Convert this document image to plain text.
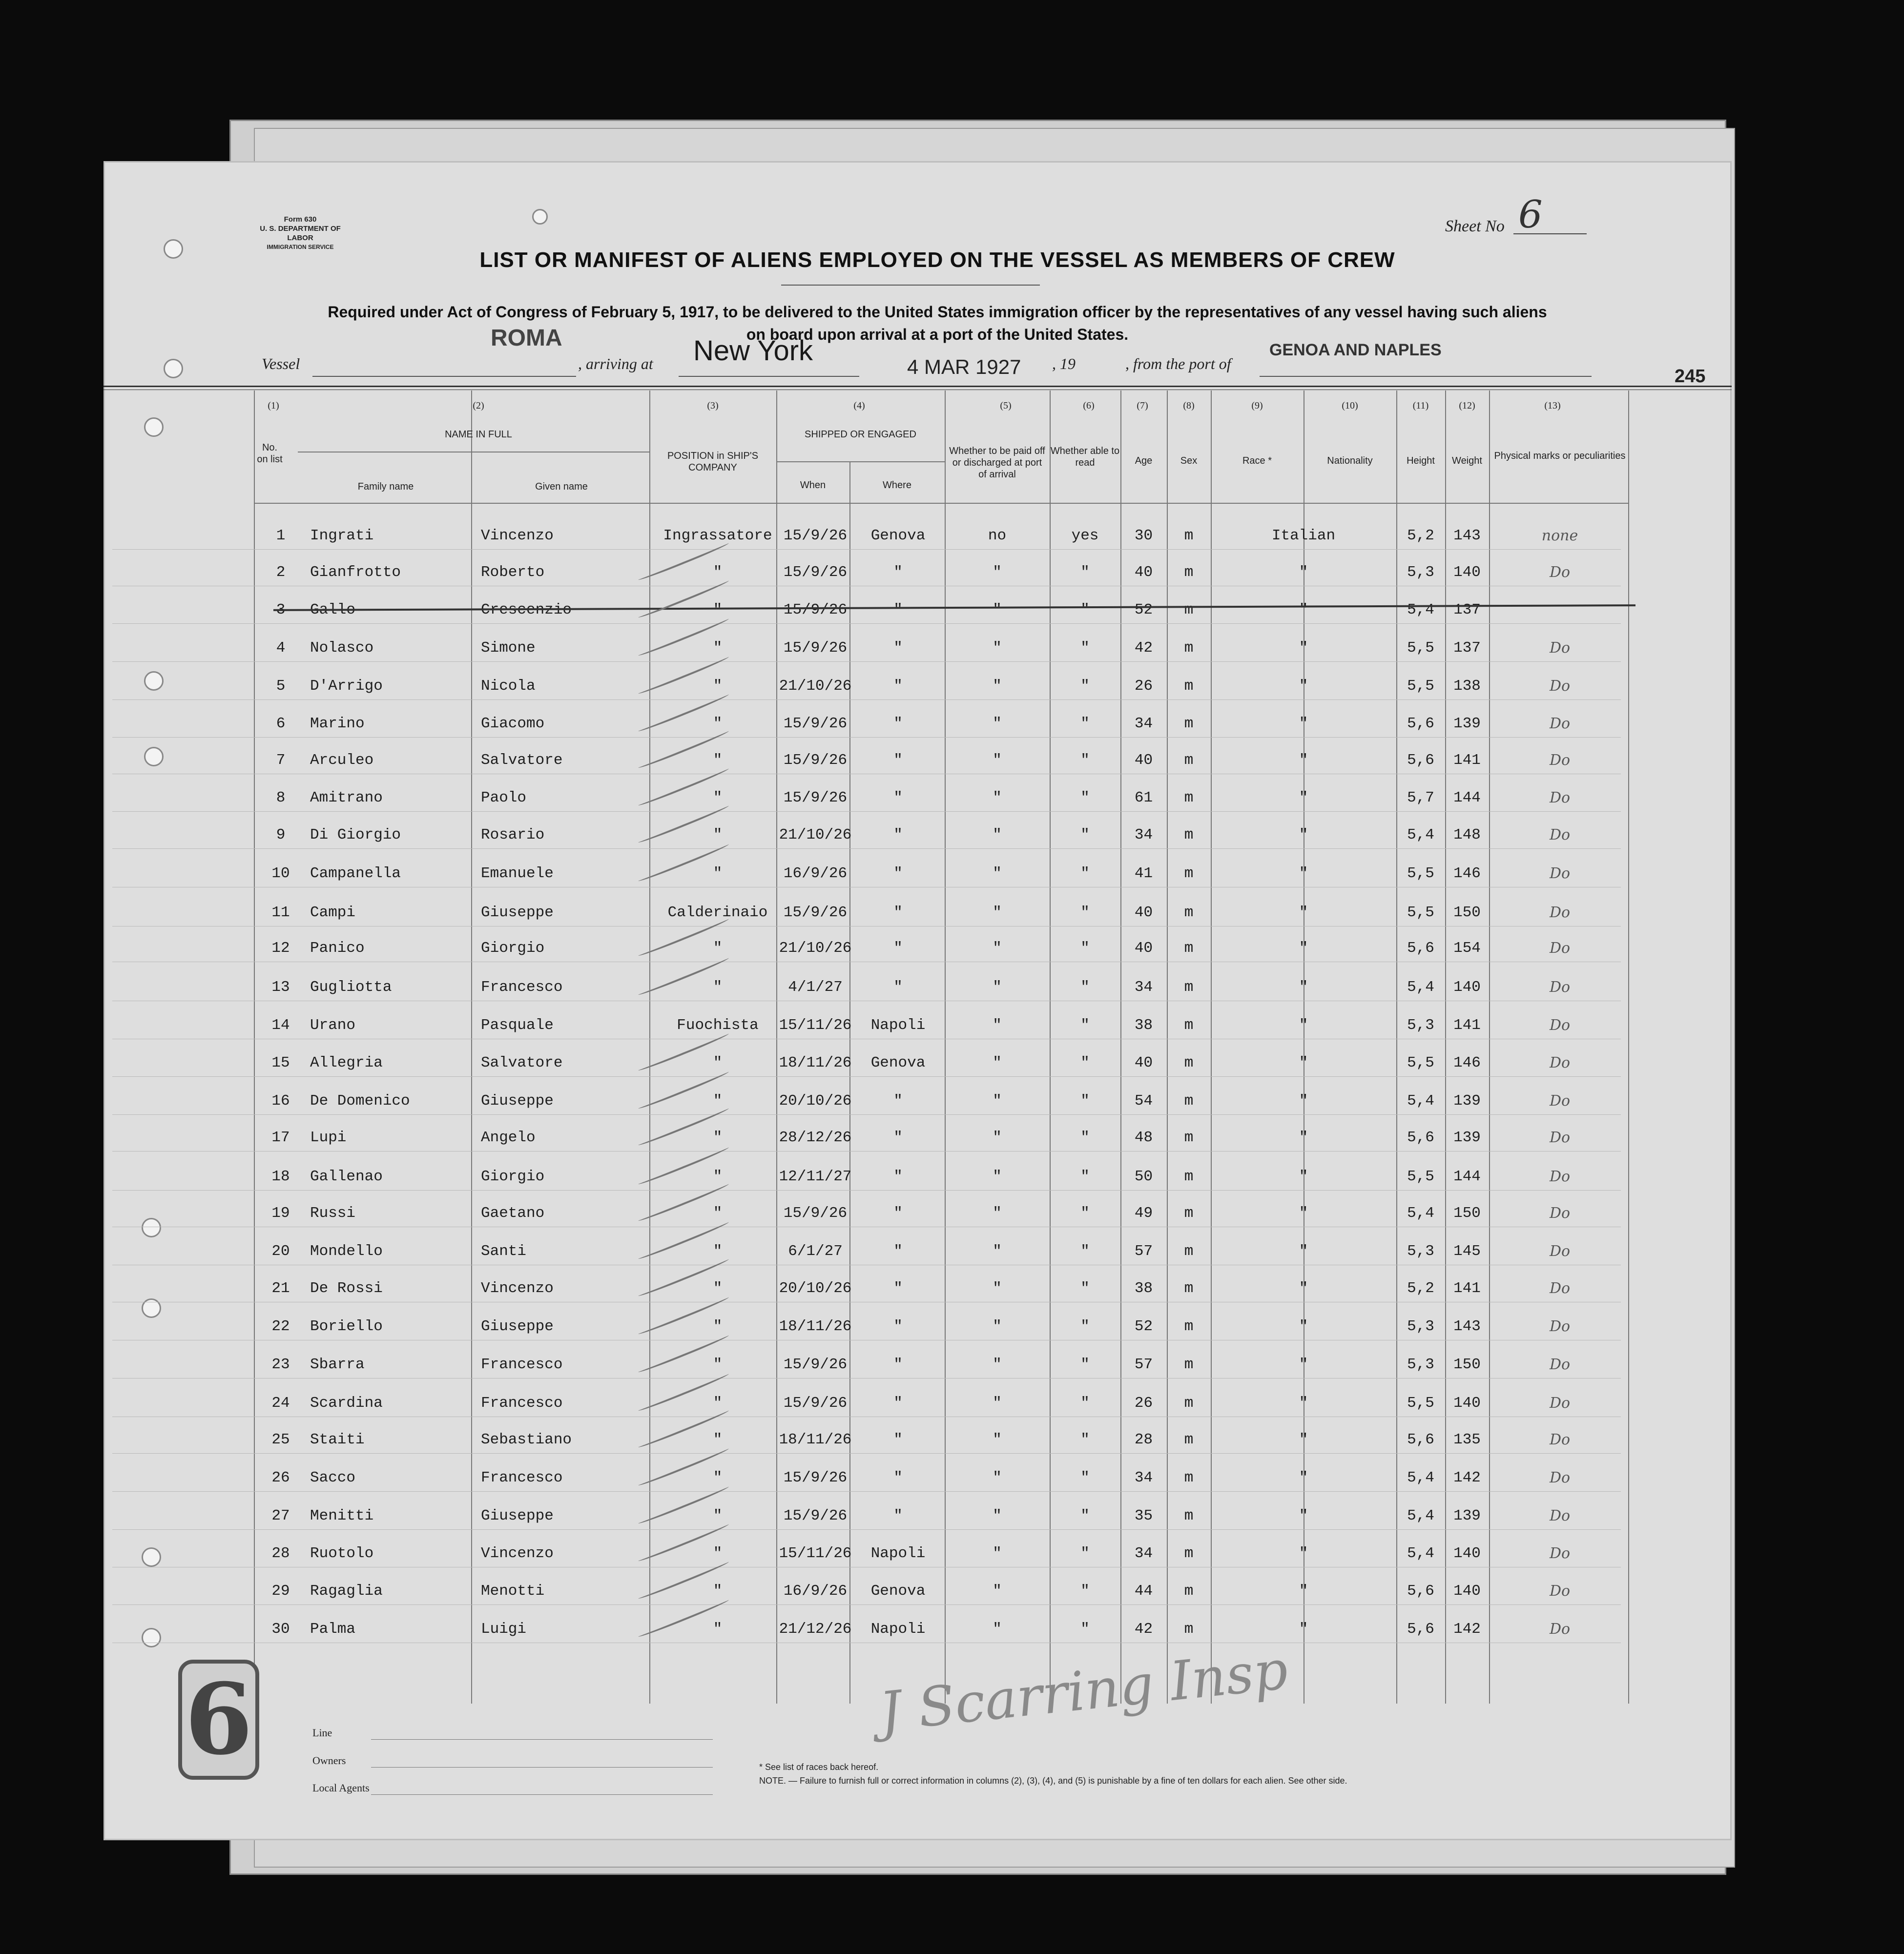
Form 630
U. S. DEPARTMENT OF LABOR
IMMIGRATION SERVICE
Sheet No 6
LIST OR MANIFEST OF ALIENS EMPLOYED ON THE VESSEL AS MEMBERS OF CREW
Required under Act of Congress of February 5, 1917, to be delivered to the United States immigration officer by the representatives of any vessel having such aliens
on board upon arrival at a port of the United States.
Vessel
ROMA
, arriving at New York
4 MAR 1927 , 19	, from the port of
GENOA AND NAPLES
245
(1)	(2)	(3)	(4)	(5)	(6)	(7)	(8)	(9)	(10)	(11)	(12)	(13)
No. on list
NAME IN FULL
Family name	Given name
POSITION in SHIP'S COMPANY
SHIPPED OR ENGAGED
When	Where
Whether to be paid off or discharged at port of arrival
Whether able to read	Age	Sex	Race *	Nationality	Height	Weight	Physical marks or peculiarities
1	Ingrati	Vincenzo	Ingrassatore 15/9/26	Genova	no	yes	30	m	Italian	5,2	143	none
2	Gianfrotto	Roberto	"	15/9/26	"	"	"	40	m	"	5,3	140	Do
3	Gallo	Crescenzio	"	15/9/26	"	"	"	52	m	"	5,4	137
4	Nolasco	Simone	"	15/9/26	"	"	"	42	m	"	5,5	137	Do
5	D'Arrigo	Nicola	"	21/10/26	"	"	"	26	m	"	5,5	138	Do
6	Marino	Giacomo	"	15/9/26	"	"	"	34	m	"	5,6	139	Do
7	Arculeo	Salvatore	"	15/9/26	"	"	"	40	m	"	5,6	141	Do
8	Amitrano	Paolo	"	15/9/26	"	"	"	61	m	"	5,7	144	Do
9	Di Giorgio	Rosario	"	21/10/26	"	"	"	34	m	"	5,4	148	Do
10	Campanella	Emanuele	"	16/9/26	"	"	"	41	m	"	5,5	146	Do
11	Campi	Giuseppe	Calderinaio	15/9/26	"	"	"	40	m	"	5,5	150	Do
12	Panico	Giorgio	"	21/10/26	"	"	"	40	m	"	5,6	154	Do
13	Gugliotta	Francesco	"	4/1/27	"	"	"	34	m	"	5,4	140	Do
14	Urano	Pasquale	Fuochista	15/11/26	Napoli	"	"	38	m	"	5,3	141	Do
15	Allegria	Salvatore	"	18/11/26	Genova	"	"	40	m	"	5,5	146	Do
16	De Domenico	Giuseppe	"	20/10/26	"	"	"	54	m	"	5,4	139	Do
17	Lupi	Angelo	"	28/12/26	"	"	"	48	m	"	5,6	139	Do
18	Gallenao	Giorgio	"	12/11/27	"	"	"	50	m	"	5,5	144	Do
19	Russi	Gaetano	"	15/9/26	"	"	"	49	m	"	5,4	150	Do
20	Mondello	Santi	"	6/1/27	"	"	"	57	m	"	5,3	145	Do
21	De Rossi	Vincenzo	"	20/10/26	"	"	"	38	m	"	5,2	141	Do
22	Boriello	Giuseppe	"	18/11/26	"	"	"	52	m	"	5,3	143	Do
23	Sbarra	Francesco	"	15/9/26	"	"	"	57	m	"	5,3	150	Do
24	Scardina	Francesco	"	15/9/26	"	"	"	26	m	"	5,5	140	Do
25	Staiti	Sebastiano	"	18/11/26	"	"	"	28	m	"	5,6	135	Do
26	Sacco	Francesco	"	15/9/26	"	"	"	34	m	"	5,4	142	Do
27	Menitti	Giuseppe	"	15/9/26	"	"	"	35	m	"	5,4	139	Do
28	Ruotolo	Vincenzo	"	15/11/26	Napoli	"	"	34	m	"	5,4	140	Do
29	Ragaglia	Menotti	"	16/9/26	Genova	"	"	44	m	"	5,6	140	Do
30	Palma	Luigi	"	21/12/26	Napoli	"	"	42	m	"	5,6	142	Do
J Scarring Insp
6	Line
Owners
Local Agents
* See list of races back hereof.
NOTE. — Failure to furnish full or correct information in columns (2), (3), (4), and (5) is punishable by a fine of ten dollars for each alien. See other side.
